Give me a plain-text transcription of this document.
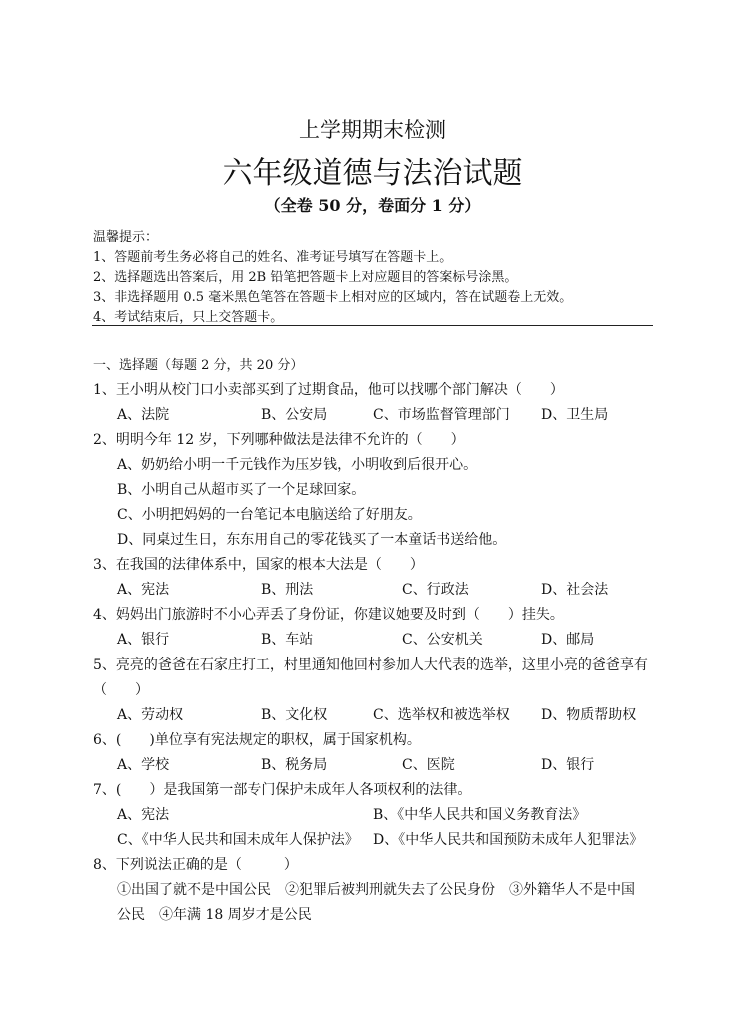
上学期期末检测
六年级道德与法治试题
（全卷 50 分，卷面分 1 分）
温馨提示：
1、答题前考生务必将自己的姓名、准考证号填写在答题卡上。
2、选择题选出答案后，用 2B 铅笔把答题卡上对应题目的答案标号涂黑。
3、非选择题用 0.5 毫米黑色笔答在答题卡上相对应的区域内，答在试题卷上无效。
4、考试结束后，只上交答题卡。
一、选择题（每题 2 分，共 20 分）
1、王小明从校门口小卖部买到了过期食品，他可以找哪个部门解决（　　）
A、法院	B、公安局	C、市场监督管理部门 D、卫生局
2、明明今年 12 岁，下列哪种做法是法律不允许的（　　）
A、奶奶给小明一千元钱作为压岁钱，小明收到后很开心。
B、小明自己从超市买了一个足球回家。
C、小明把妈妈的一台笔记本电脑送给了好朋友。
D、同桌过生日，东东用自己的零花钱买了一本童话书送给他。
3、在我国的法律体系中，国家的根本大法是（　　）
A、宪法	B、刑法	C、行政法	D、社会法
4、妈妈出门旅游时不小心弄丢了身份证，你建议她要及时到（　　）挂失。
A、银行	B、车站	C、公安机关	D、邮局
5、亮亮的爸爸在石家庄打工，村里通知他回村参加人大代表的选举，这里小亮的爸爸享有
（　　）
A、劳动权	B、文化权	C、选举权和被选举权 D、物质帮助权
6、(　　)单位享有宪法规定的职权，属于国家机构。
A、学校	B、税务局	C、医院	D、银行
7、(　　）是我国第一部专门保护未成年人各项权利的法律。
A、宪法	B、《中华人民共和国义务教育法》
C、《中华人民共和国未成年人保护法》 D、《中华人民共和国预防未成年人犯罪法》
8、下列说法正确的是（　　　）
①出国了就不是中国公民　②犯罪后被判刑就失去了公民身份　③外籍华人不是中国
公民　④年满 18 周岁才是公民
